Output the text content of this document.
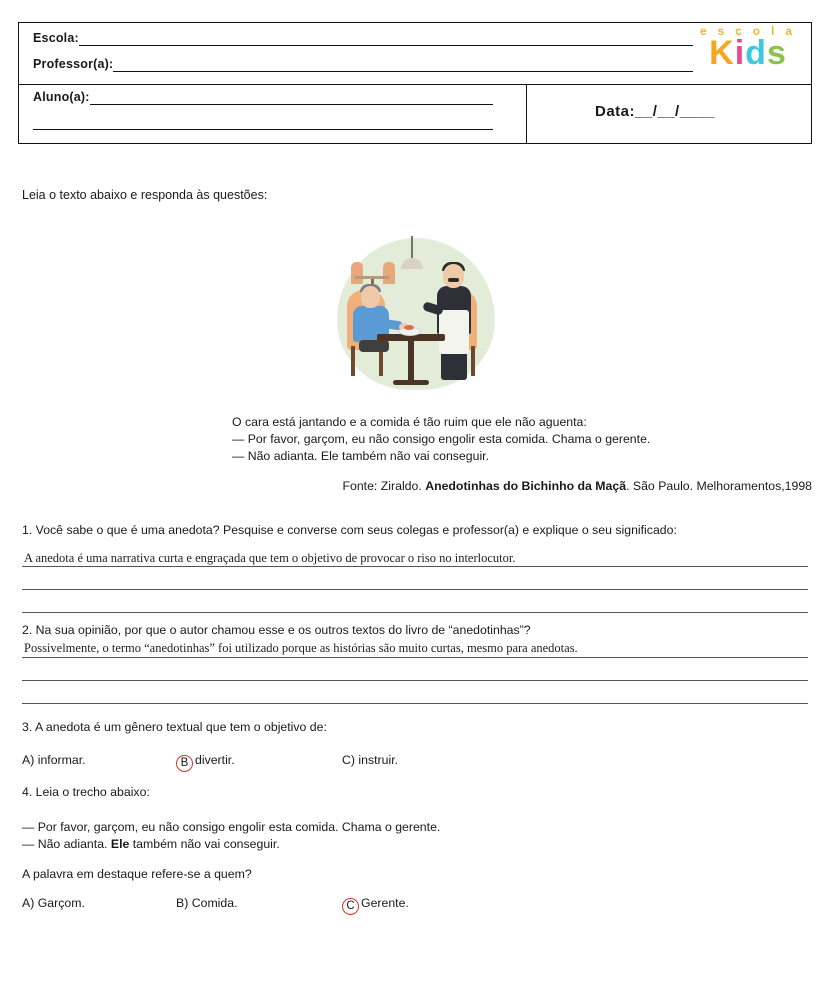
Escola:
Professor(a):
Aluno(a):
Data:__/__/____
e s c o l a
Kids
Leia o texto abaixo e responda às questões:
O cara está jantando e a comida é tão ruim que ele não aguenta:
— Por favor, garçom, eu não consigo engolir esta comida. Chama o gerente.
— Não adianta. Ele também não vai conseguir.
Fonte: Ziraldo. Anedotinhas do Bichinho da Maçã. São Paulo. Melhoramentos,1998
1. Você sabe o que é uma anedota? Pesquise e converse com seus colegas e professor(a) e explique o seu significado:
A anedota é uma narrativa curta e engraçada que tem o objetivo de provocar o riso no interlocutor.
2. Na sua opinião, por que o autor chamou esse e os outros textos do livro de “anedotinhas”?
Possivelmente, o termo “anedotinhas” foi utilizado porque as histórias são muito curtas, mesmo para anedotas.
3. A anedota é um gênero textual que tem o objetivo de:
A) informar.	B divertir.	C) instruir.
4. Leia o trecho abaixo:
— Por favor, garçom, eu não consigo engolir esta comida. Chama o gerente.
— Não adianta. Ele também não vai conseguir.
A palavra em destaque refere-se a quem?
A) Garçom.	B) Comida.	C Gerente.
